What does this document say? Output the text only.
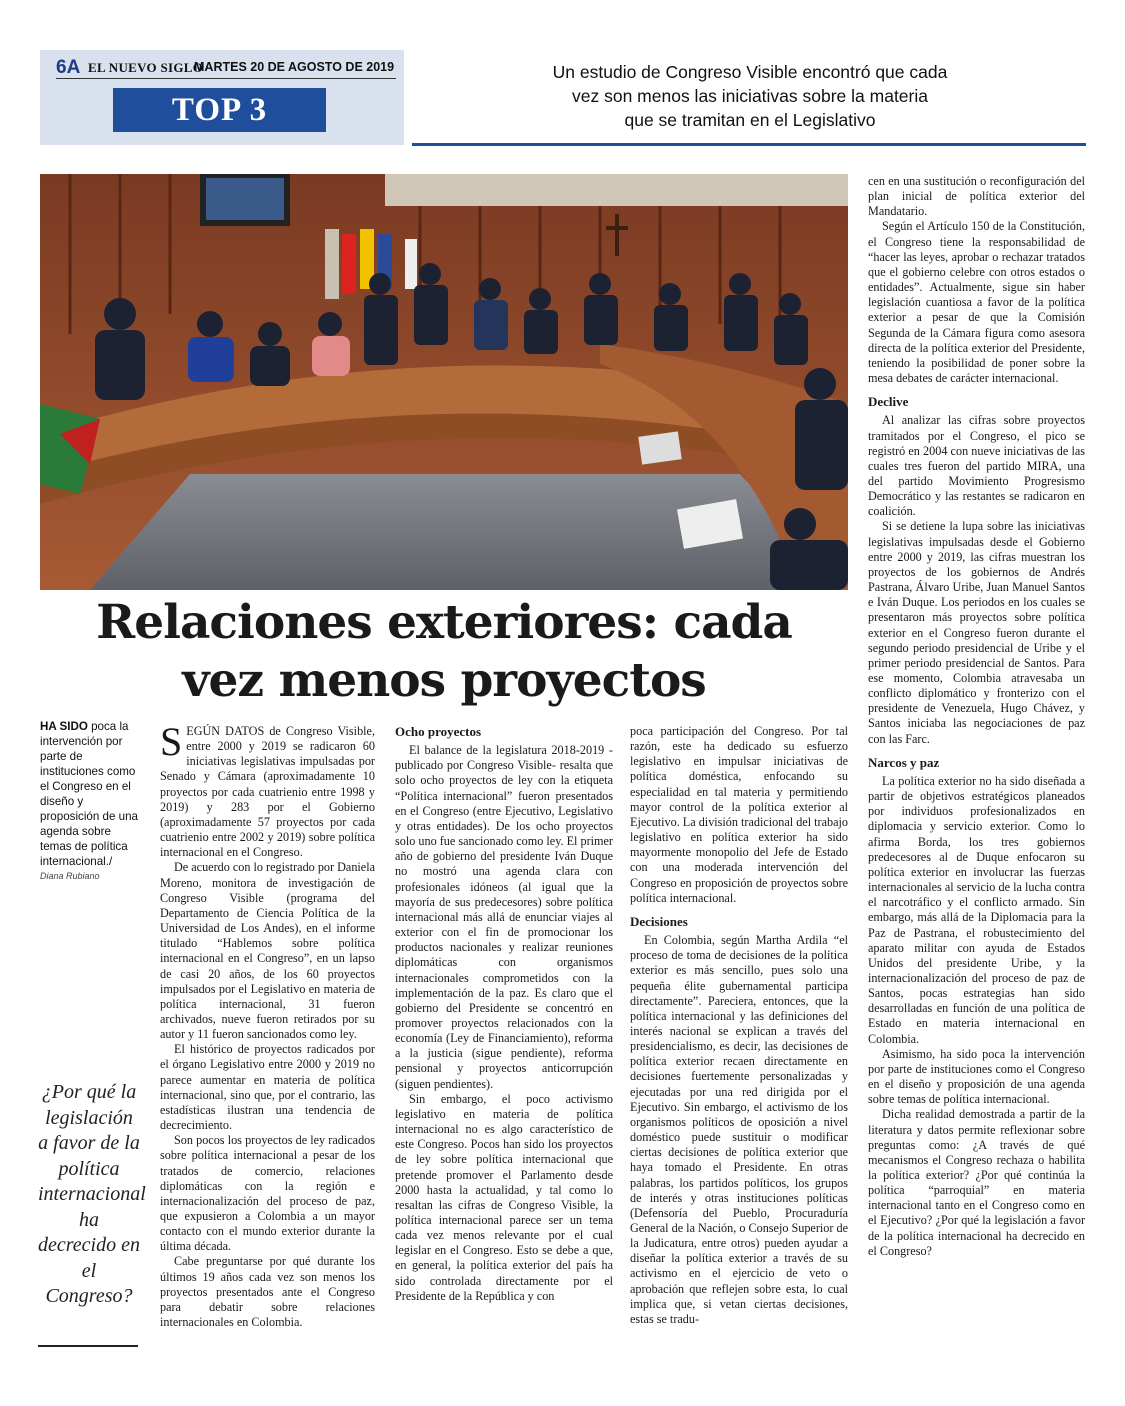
6A EL NUEVO SIGLO
MARTES 20 DE AGOSTO DE 2019
TOP 3
Un estudio de Congreso Visible encontró que cada
vez son menos las iniciativas sobre la materia
que se tramitan en el Legislativo
Relaciones exteriores: cada
vez menos proyectos
HA SIDO poca la intervención por parte de instituciones como el Congreso en el diseño y proposición de una agenda sobre temas de política internacional./
Diana Rubiano
¿Por qué la legislación a favor de la política internacional ha decrecido en el Congreso?

SEGÚN DATOS de Congreso Visible, entre 2000 y 2019 se radicaron 60 iniciativas legislativas impulsadas por Senado y Cámara (aproximadamente 10 proyectos por cada cuatrienio entre 1998 y 2019) y 283 por el Gobierno (aproximadamente 57 proyectos por cada cuatrienio entre 2002 y 2019) sobre política internacional en el Congreso.

De acuerdo con lo registrado por Daniela Moreno, monitora de investigación de Congreso Visible (programa del Departamento de Ciencia Política de la Universidad de Los Andes), en el informe titulado “Hablemos sobre política internacional en el Congreso”, en un lapso de casi 20 años, de los 60 proyectos impulsados por el Legislativo en materia de política internacional, 31 fueron archivados, nueve fueron retirados por su autor y 11 fueron sancionados como ley.

El histórico de proyectos radicados por el órgano Legislativo entre 2000 y 2019 no parece aumentar en materia de política internacional, sino que, por el contrario, las estadísticas ilustran una tendencia de decrecimiento.

Son pocos los proyectos de ley radicados sobre política internacional a pesar de los tratados de comercio, relaciones diplomáticas con la región e internacionalización del proceso de paz, que expusieron a Colombia a un mayor contacto con el mundo exterior durante la última década.

Cabe preguntarse por qué durante los últimos 19 años cada vez son menos los proyectos presentados ante el Congreso para debatir sobre relaciones internacionales en Colombia.

Ocho proyectos

El balance de la legislatura 2018-2019 -publicado por Congreso Visible- resalta que solo ocho proyectos de ley con la etiqueta “Política internacional” fueron presentados en el Congreso (entre Ejecutivo, Legislativo y otras entidades). De los ocho proyectos solo uno fue sancionado como ley. El primer año de gobierno del presidente Iván Duque no mostró una agenda clara con profesionales idóneos (al igual que la mayoría de sus predecesores) sobre política internacional más allá de enunciar viajes al exterior con el fin de promocionar los productos nacionales y realizar reuniones diplomáticas con organismos internacionales comprometidos con la implementación de la paz. Es claro que el gobierno del Presidente se concentró en promover proyectos relacionados con la economía (Ley de Financiamiento), reforma a la justicia (sigue pendiente), reforma pensional y proyectos anticorrupción (siguen pendientes).

Sin embargo, el poco activismo legislativo en materia de política internacional no es algo característico de este Congreso. Pocos han sido los proyectos de ley sobre política internacional que pretende promover el Parlamento desde 2000 hasta la actualidad, y tal como lo resaltan las cifras de Congreso Visible, la política internacional parece ser un tema cada vez menos relevante por el cual legislar en el Congreso. Esto se debe a que, en general, la política exterior del país ha sido controlada directamente por el Presidente de la República y con

poca participación del Congreso. Por tal razón, este ha dedicado su esfuerzo legislativo en impulsar iniciativas de política doméstica, enfocando su especialidad en tal materia y permitiendo mayor control de la política exterior al Ejecutivo. La división tradicional del trabajo legislativo en política exterior ha sido mayormente monopolio del Jefe de Estado con una moderada intervención del Congreso en proposición de proyectos sobre política internacional.

Decisiones

En Colombia, según Martha Ardila “el proceso de toma de decisiones de la política exterior es más sencillo, pues solo una pequeña élite gubernamental participa directamente”. Pareciera, entonces, que la política internacional y las definiciones del interés nacional se explican a través del presidencialismo, es decir, las decisiones de política exterior recaen directamente en decisiones fuertemente personalizadas y ejecutadas por una red dirigida por el Ejecutivo. Sin embargo, el activismo de los organismos políticos de oposición a nivel doméstico puede sustituir o modificar ciertas decisiones de política exterior que haya tomado el Presidente. En otras palabras, los partidos políticos, los grupos de interés y otras instituciones políticas (Defensoría del Pueblo, Procuraduría General de la Nación, o Consejo Superior de la Judicatura, entre otros) pueden ayudar a diseñar la política exterior a través de su activismo en el ejercicio de veto o aprobación que reflejen sobre esta, lo cual implica que, si vetan ciertas decisiones, estas se tradu-

cen en una sustitución o reconfiguración del plan inicial de política exterior del Mandatario.

Según el Artículo 150 de la Constitución, el Congreso tiene la responsabilidad de “hacer las leyes, aprobar o rechazar tratados que el gobierno celebre con otros estados o entidades”. Actualmente, sigue sin haber legislación cuantiosa a favor de la política exterior a pesar de que la Comisión Segunda de la Cámara figura como asesora directa de la política exterior del Presidente, teniendo la posibilidad de poner sobre la mesa debates de carácter internacional.

Declive

Al analizar las cifras sobre proyectos tramitados por el Congreso, el pico se registró en 2004 con nueve iniciativas de las cuales tres fueron del partido MIRA, una del partido Movimiento Progresismo Democrático y las restantes se radicaron en coalición.

Si se detiene la lupa sobre las iniciativas legislativas impulsadas desde el Gobierno entre 2000 y 2019, las cifras muestran los proyectos de los gobiernos de Andrés Pastrana, Álvaro Uribe, Juan Manuel Santos e Iván Duque. Los periodos en los cuales se presentaron más proyectos sobre política exterior en el Congreso fueron durante el segundo periodo presidencial de Uribe y el primer periodo presidencial de Santos. Para ese momento, Colombia atravesaba un conflicto diplomático y fronterizo con el presidente de Venezuela, Hugo Chávez, y Santos iniciaba las negociaciones de paz con las Farc.

Narcos y paz

La política exterior no ha sido diseñada a partir de objetivos estratégicos planeados por individuos profesionalizados en diplomacia y servicio exterior. Como lo afirma Borda, los tres gobiernos predecesores al de Duque enfocaron su política exterior en involucrar las fuerzas internacionales al servicio de la lucha contra el narcotráfico y el conflicto armado. Sin embargo, más allá de la Diplomacia para la Paz de Pastrana, el robustecimiento del aparato militar con ayuda de Estados Unidos del presidente Uribe, y la internacionalización del proceso de paz de Santos, pocas estrategias han sido desarrolladas en función de una política de Estado en materia internacional en Colombia.

Asimismo, ha sido poca la intervención por parte de instituciones como el Congreso en el diseño y proposición de una agenda sobre temas de política internacional.

Dicha realidad demostrada a partir de la literatura y datos permite reflexionar sobre preguntas como: ¿A través de qué mecanismos el Congreso rechaza o habilita la política exterior? ¿Por qué continúa la política “parroquial” en materia internacional tanto en el Congreso como en el Ejecutivo? ¿Por qué la legislación a favor de la política internacional ha decrecido en el Congreso?
